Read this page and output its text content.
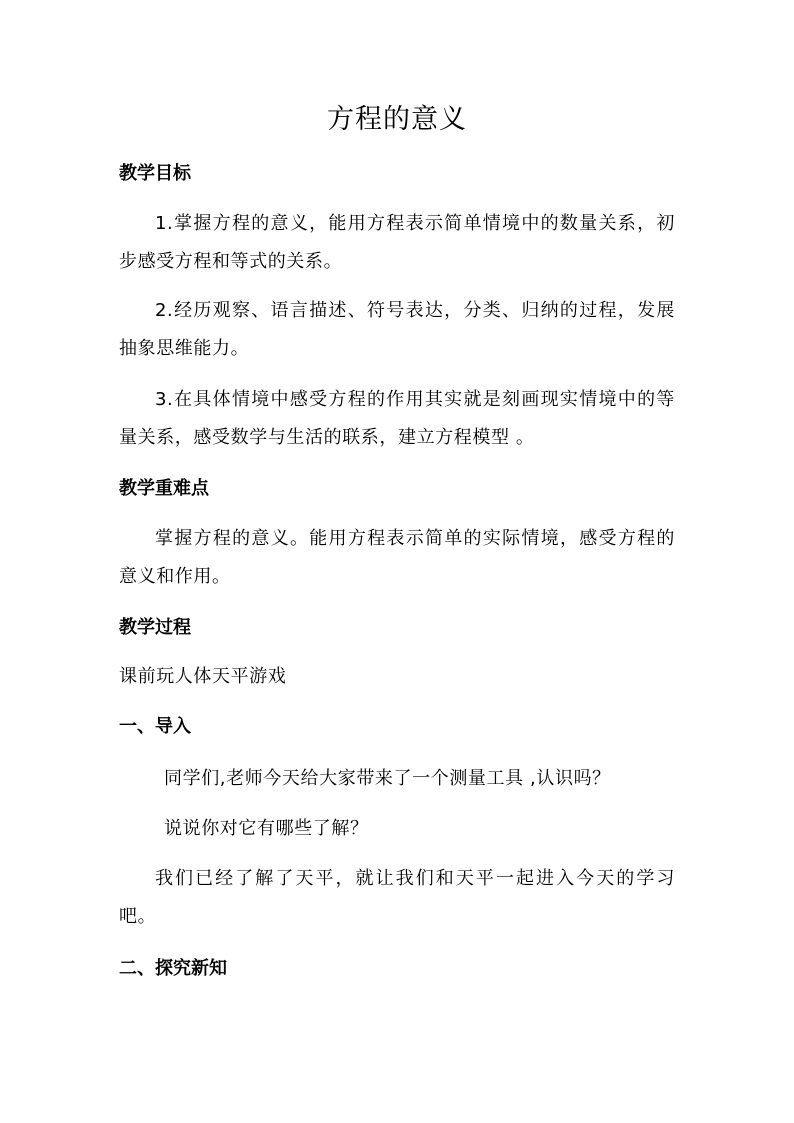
方程的意义
教学目标
1.掌握方程的意义，能用方程表示简单情境中的数量关系，初步感受方程和等式的关系。
2.经历观察、语言描述、符号表达，分类、归纳的过程，发展抽象思维能力。
3.在具体情境中感受方程的作用其实就是刻画现实情境中的等量关系，感受数学与生活的联系，建立方程模型 。
教学重难点
掌握方程的意义。能用方程表示简单的实际情境，感受方程的意义和作用。
教学过程
课前玩人体天平游戏
一、导入
同学们,老师今天给大家带来了一个测量工具 ,认识吗？
说说你对它有哪些了解？
我们已经了解了天平，就让我们和天平一起进入今天的学习吧。
二、探究新知
